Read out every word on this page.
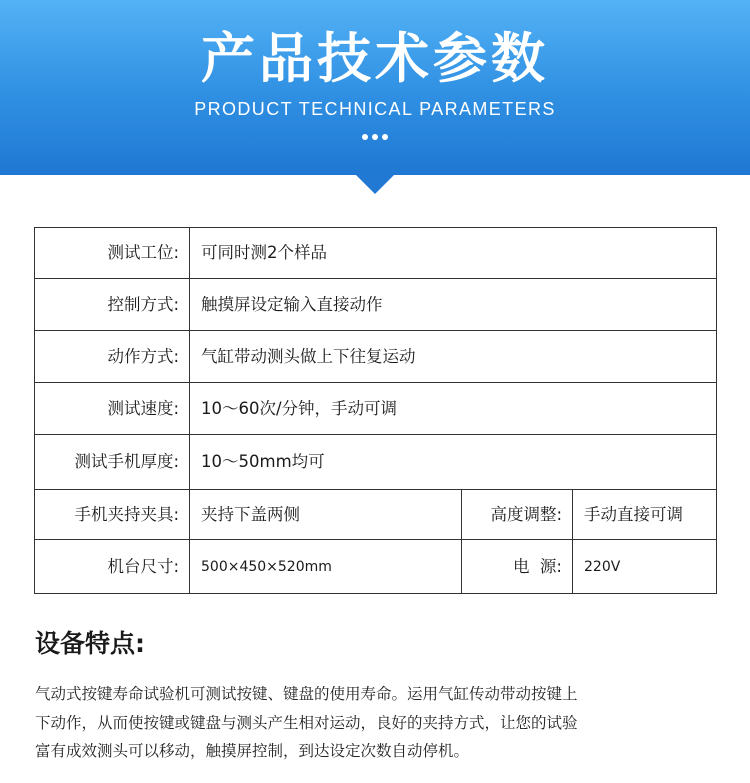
产品技术参数
PRODUCT TECHNICAL PARAMETERS
测试工位:	可同时测2个样品		
控制方式:	触摸屏设定输入直接动作		
动作方式:	气缸带动测头做上下往复运动		
测试速度:	10～60次/分钟，手动可调		
测试手机厚度:	10～50mm均可		
手机夹持夹具:	夹持下盖两侧	高度调整:	手动直接可调
机台尺寸:	500×450×520mm	电  源:	220V
设备特点:
气动式按键寿命试验机可测试按键、键盘的使用寿命。运用气缸传动带动按键上
下动作，从而使按键或键盘与测头产生相对运动，良好的夹持方式，让您的试验
富有成效测头可以移动，触摸屏控制，到达设定次数自动停机。
